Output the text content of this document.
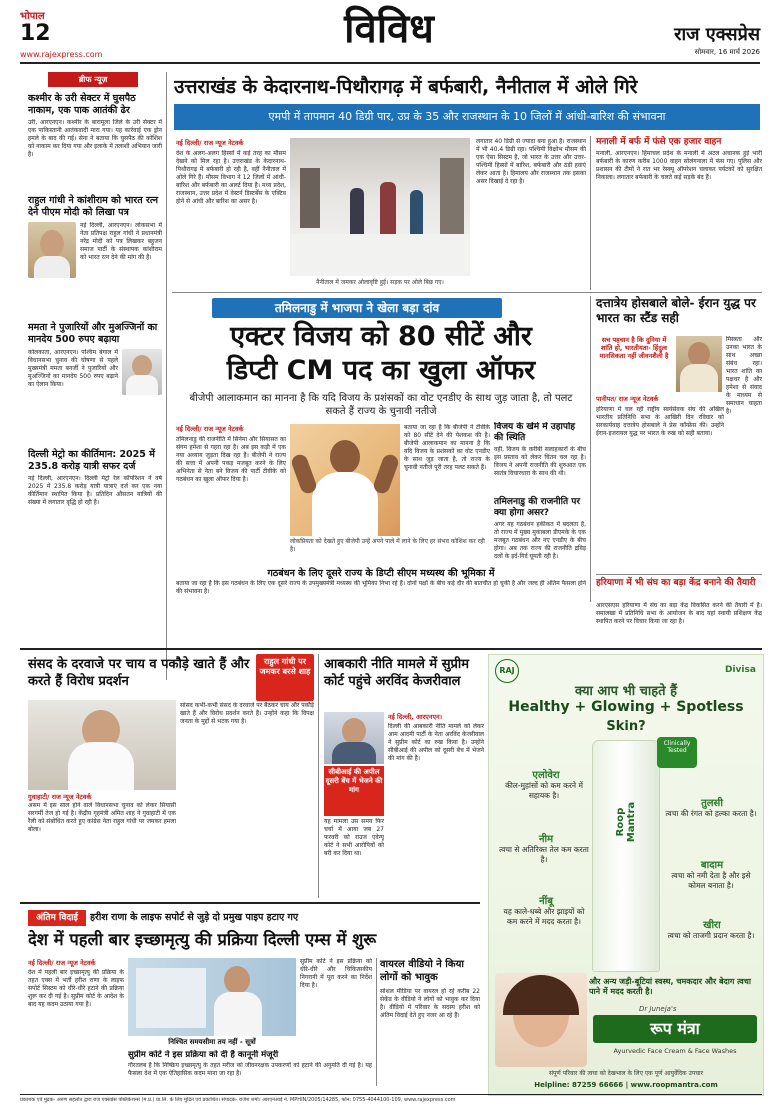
भोपाल
12
www.rajexpress.com
विविध	राज एक्सप्रेस
सोमवार, 16 मार्च 2026
ब्रीफ न्यूज़
कश्मीर के उरी सेक्टर में घुसपैठ नाकाम, एक पाक आतंकी ढेर
उरी, आरएनएन। कश्मीर के बारामूला जिले के उरी सेक्टर में एक पाकिस्तानी आतंकवादी मारा गया। यह कार्रवाई एक ड्रोन हमले के बाद की गई। सेना ने बताया कि घुसपैठ की कोशिश को नाकाम कर दिया गया और इलाके में तलाशी अभियान जारी है।
राहुल गांधी ने कांशीराम को भारत रत्न देने पीएम मोदी को लिखा पत्र
नई दिल्ली, आरएनएन। लोकसभा में नेता प्रतिपक्ष राहुल गांधी ने प्रधानमंत्री नरेंद्र मोदी को पत्र लिखकर बहुजन समाज पार्टी के संस्थापक कांशीराम को भारत रत्न देने की मांग की है।
ममता ने पुजारियों और मुअज्जिनों का मानदेय 500 रुपए बढ़ाया
कोलकाता, आरएनएन। पश्चिम बंगाल में विधानसभा चुनाव की घोषणा से पहले मुख्यमंत्री ममता बनर्जी ने पुजारियों और मुअज्जिनों का मानदेय 500 रुपए बढ़ाने का ऐलान किया।
दिल्ली मेट्रो का कीर्तिमान: 2025 में 235.8 करोड़ यात्री सफर दर्ज
नई दिल्ली, आरएनएन। दिल्ली मेट्रो रेल कॉर्पोरेशन ने वर्ष 2025 में 235.8 करोड़ यात्री यात्राएं दर्ज कर एक नया कीर्तिमान स्थापित किया है। प्रतिदिन औसतन यात्रियों की संख्या में लगातार वृद्धि हो रही है।
उत्तराखंड के केदारनाथ-पिथौरागढ़ में बर्फबारी, नैनीताल में ओले गिरे
एमपी में तापमान 40 डिग्री पार, उप्र के 35 और राजस्थान के 10 जिलों में आंधी-बारिश की संभावना
नई दिल्ली/ राज न्यूज नेटवर्क
देश के अलग-अलग हिस्सों में कई तरह का मौसम देखने को मिल रहा है। उत्तराखंड के केदारनाथ-पिथौरागढ़ में बर्फबारी हो रही है, वहीं नैनीताल में ओले गिरे हैं। मौसम विभाग ने 12 जिलों में आंधी-बारिश और बर्फबारी का अलर्ट दिया है। मध्य प्रदेश, राजस्थान, उत्तर प्रदेश में वेस्टर्न डिस्टर्बेंस के एक्टिव होने से आंधी और बारिश का असर है।
नैनीताल में जमकर ओलावृष्टि हुई। सड़क पर ओले बिछ गए।
लगातार 40 डिग्री से ज्यादा बना हुआ है। राजस्थान में भी 40.4 डिग्री रहा। पश्चिमी विक्षोभ मौसम की एक ऐसा सिस्टम है, जो भारत के उत्तर और उत्तर-पश्चिमी हिस्सों में बारिश, बर्फबारी और ठंडी हवाएं लेकर आता है। हिमालय और राजस्थान तक इसका असर दिखाई दे रहा है।
मनाली में बर्फ में फंसे एक हजार वाहन
मनाली, आरएनएन। हिमाचल प्रदेश के मनाली में अटल अचानक हुई भारी बर्फबारी के कारण करीब 1000 वाहन सोलंगनाला में फंस गए। पुलिस और प्रशासन की टीमों ने रात भर रेस्क्यू ऑपरेशन चलाकर पर्यटकों को सुरक्षित निकाला। लगातार बर्फबारी के चलते कई सड़कें बंद हैं।
तमिलनाडु में भाजपा ने खेला बड़ा दांव
एक्टर विजय को 80 सीटें और
डिप्टी CM पद का खुला ऑफर
बीजेपी आलाकमान का मानना है कि यदि विजय के प्रशंसकों का वोट एनडीए के साथ जुड़ जाता है, तो पलट सकते हैं राज्य के चुनावी नतीजे
नई दिल्ली/ राज न्यूज नेटवर्क
तमिलनाडु की राजनीति में सिनेमा और सियासत का संगम हमेशा से गहरा रहा है। अब इस कड़ी में एक नया अध्याय जुड़ता दिख रहा है। बीजेपी ने राज्य की सत्ता में अपनी पकड़ मजबूत करने के लिए अभिनेता से नेता बने विजय की पार्टी टीवीके को गठबंधन का खुला ऑफर दिया है।
बताया जा रहा है कि बीजेपी ने टीवीके को 80 सीटें देने की पेशकश की है। बीजेपी आलाकमान का मानना है कि यदि विजय के प्रशंसकों का वोट एनडीए के साथ जुड़ जाता है, तो राज्य के चुनावी नतीजे पूरी तरह पलट सकते हैं।
लोकप्रियता को देखते हुए बीजेपी उन्हें अपने पाले में लाने के लिए हर संभव कोशिश कर रही है।
विजय के खेमे में उहापोह की स्थिति
वहीं, विजय के करीबी सलाहकारों के बीच इस प्रस्ताव को लेकर चिंतन चल रहा है। विजय ने अपनी राजनीति की शुरुआत एक स्वतंत्र विचारधारा के साथ की थी।
तमिलनाडु की राजनीति पर क्या होगा असर?
अगर यह गठबंधन हकीकत में बदलता है, तो राज्य में मुख्य मुकाबला डीएमके के एक मजबूत गठबंधन और नए एनडीए के बीच होगा। अब तक राज्य की राजनीति द्रविड़ दलों के इर्द-गिर्द घूमती रही है।
गठबंधन के लिए दूसरे राज्य के डिप्टी सीएम मध्यस्थ की भूमिका में
बताया जा रहा है कि इस गठबंधन के लिए एक दूसरे राज्य के उपमुख्यमंत्री मध्यस्थ की भूमिका निभा रहे हैं। दोनों पक्षों के बीच कई दौर की बातचीत हो चुकी है और जल्द ही अंतिम फैसला होने की संभावना है।
दत्तात्रेय होसबाले बोले- ईरान युद्ध पर भारत का स्टैंड सही
सच पहचान है कि दुनिया में शांति हो, भारतीयता- हिंदुत्व मानसिकता नहीं जीवनशैली है
मिस्त्रता और उनका भारत के साथ अच्छा संबंध रहा। भारत शांति का पक्षधर है और हमेशा से संवाद के माध्यम से समाधान चाहता है।
पानीपत/ राज न्यूज नेटवर्क
हरियाणा में चल रही राष्ट्रीय स्वयंसेवक संघ की अखिल भारतीय प्रतिनिधि सभा के आखिरी दिन रविवार को सरकार्यवाह दत्तात्रेय होसबाले ने प्रेस कॉन्फ्रेंस की। उन्होंने ईरान-इजरायल युद्ध पर भारत के रुख को सही बताया।
हरियाणा में भी संघ का बड़ा केंद्र बनाने की तैयारी
आरएसएस हरियाणा में संघ का बड़ा केंद्र विकसित करने की तैयारी में है। समालखा में प्रतिनिधि सभा के आयोजन के बाद यहां स्थायी प्रशिक्षण केंद्र स्थापित करने पर विचार किया जा रहा है।
संसद के दरवाजे पर चाय व पकौड़े खाते हैं और करते हैं विरोध प्रदर्शन
राहुल गांधी पर जमकर बरसे शाह
गुवाहाटी/ राज न्यूज नेटवर्क
असम में इस साल होने वाले विधानसभा चुनाव को लेकर सियासी सरगर्मी तेज हो गई है। केंद्रीय गृहमंत्री अमित शाह ने गुवाहाटी में एक रैली को संबोधित करते हुए कांग्रेस नेता राहुल गांधी पर जमकर हमला बोला।
सांसद कभी-कभी संसद के दरवाजे पर बैठकर चाय और पकौड़े खाते हैं और विरोध प्रदर्शन करते हैं। उन्होंने कहा कि विपक्ष जनता के मुद्दों से भटक गया है।
आबकारी नीति मामले में सुप्रीम कोर्ट पहुंचे अरविंद केजरीवाल
सीबीआई की अपील दूसरी बेंच में भेजने की मांग
नई दिल्ली, आरएनएन।
दिल्ली की आबकारी नीति मामले को लेकर आम आदमी पार्टी के नेता अरविंद केजरीवाल ने सुप्रीम कोर्ट का रुख किया है। उन्होंने सीबीआई की अपील को दूसरी बेंच में भेजने की मांग की है।
यह मामला उस समय फिर चर्चा में आया जब 27 फरवरी को राउज एवेन्यू कोर्ट ने सभी आरोपियों को बरी कर दिया था।
अंतिम विदाई	हरीश राणा के लाइफ सपोर्ट से जुड़े दो प्रमुख पाइप हटाए गए
देश में पहली बार इच्छामृत्यु की प्रक्रिया दिल्ली एम्स में शुरू
नई दिल्ली/ राज न्यूज नेटवर्क
देश में पहली बार इच्छामृत्यु की प्रक्रिया के तहत एक्स में भर्ती हरीश राणा के लाइफ सपोर्ट सिस्टम को धीरे-धीरे हटाने की प्रक्रिया शुरू कर दी गई है। सुप्रीम कोर्ट के आदेश के बाद यह कदम उठाया गया है।
निश्चित समयसीमा तय नहीं - सूत्रों
सुप्रीम कोर्ट ने इस प्रक्रिया को धीरे-धीरे और चिकित्सकीय निगरानी में पूरा करने का निर्देश दिया है।
सुप्रीम कोर्ट ने इस प्रक्रिया को दी है कानूनी मंजूरी
गौरतलब है कि निष्क्रिय इच्छामृत्यु के तहत मरीज को जीवनरक्षक उपकरणों को हटाने की अनुमति दी गई है। यह फैसला देश में एक ऐतिहासिक कदम माना जा रहा है।
वायरल वीडियो ने किया लोगों को भावुक
सोशल मीडिया पर वायरल हो रहे करीब 22 सेकेंड के वीडियो ने लोगों को भावुक कर दिया है। वीडियो में परिवार के सदस्य हरीश को अंतिम विदाई देते हुए नजर आ रहे हैं।
RAJ	Divisa
क्या आप भी चाहते हैं
Healthy + Glowing + Spotless
Skin?
Roop Mantra
Clinically Tested
एलोवेरा
कील-मुहांसों को कम करने में सहायक है।
तुलसी
त्वचा की रंगत को हल्का करता है।
नीम
त्वचा से अतिरिक्त तेल कम करता है।
बादाम
त्वचा को नमी देता है और इसे कोमल बनाता है।
नींबू
यह काले-धब्बे और झाइयों को कम करने में मदद करता है।	खीरा
त्वचा को ताजगी प्रदान करता है।
और अन्य जड़ी-बूटियां स्वस्थ, चमकदार और बेदाग त्वचा पाने में मदद करती है।
Dr Juneja's
रूप मंत्रा
Ayurvedic Face Cream & Face Washes
संपूर्ण परिवार की त्वचा को देखभाल के लिए एक पूर्ण आयुर्वेदिक उपचार
Helpline: 87259 66666 | www.roopmantra.com
प्रकाशक एवं मुद्रक- अरुण सहलोत द्वारा राज एक्सप्रेस पब्लिकेशन्स (म.प्र.) प्रा.लि. के लिए मुद्रित एवं प्रकाशित। संपादक- राजेश शर्मा। आरएनआई नं. MPHIN/2005/14285, फोन: 0755-4044100-109, www.rajexpress.com
